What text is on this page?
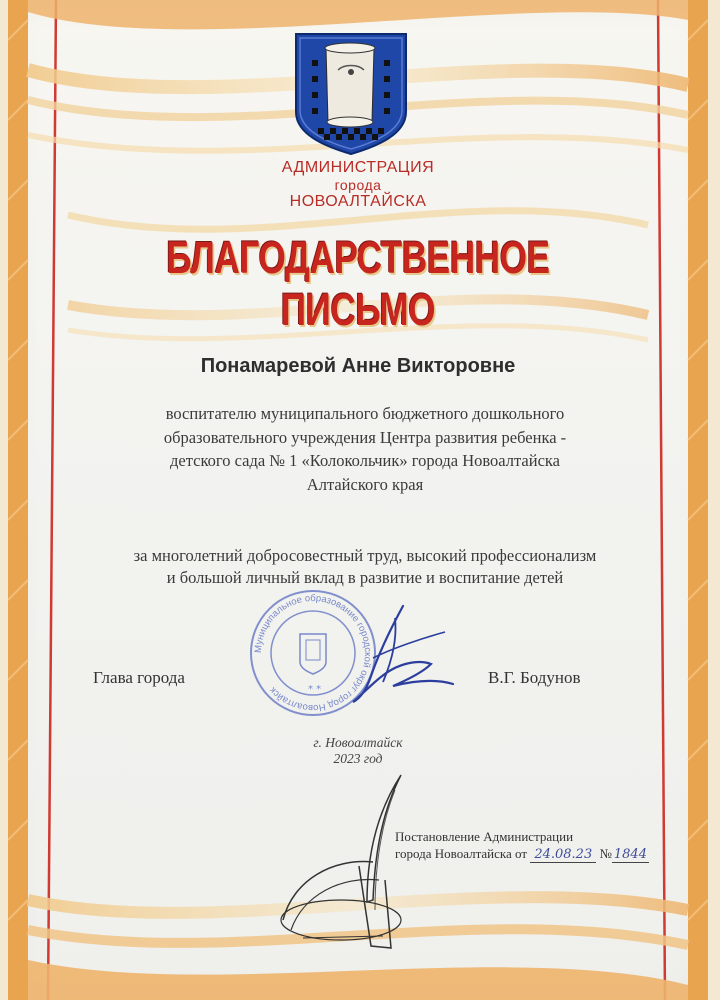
АДМИНИСТРАЦИЯ
города
НОВОАЛТАЙСКА
БЛАГОДАРСТВЕННОЕ ПИСЬМО
Понамаревой Анне Викторовне
воспитателю муниципального бюджетного дошкольного
образовательного учреждения Центра развития ребенка -
детского сада № 1 «Колокольчик» города Новоалтайска
Алтайского края
за многолетний добросовестный труд, высокий профессионализм
и большой личный вклад в развитие и воспитание детей
Муниципальное образование городской округ город Новоалтайск	* *
Глава города	В.Г. Бодунов
г. Новоалтайск
2023 год
Постановление Администрации
города Новоалтайска от 24.08.23 № 1844
